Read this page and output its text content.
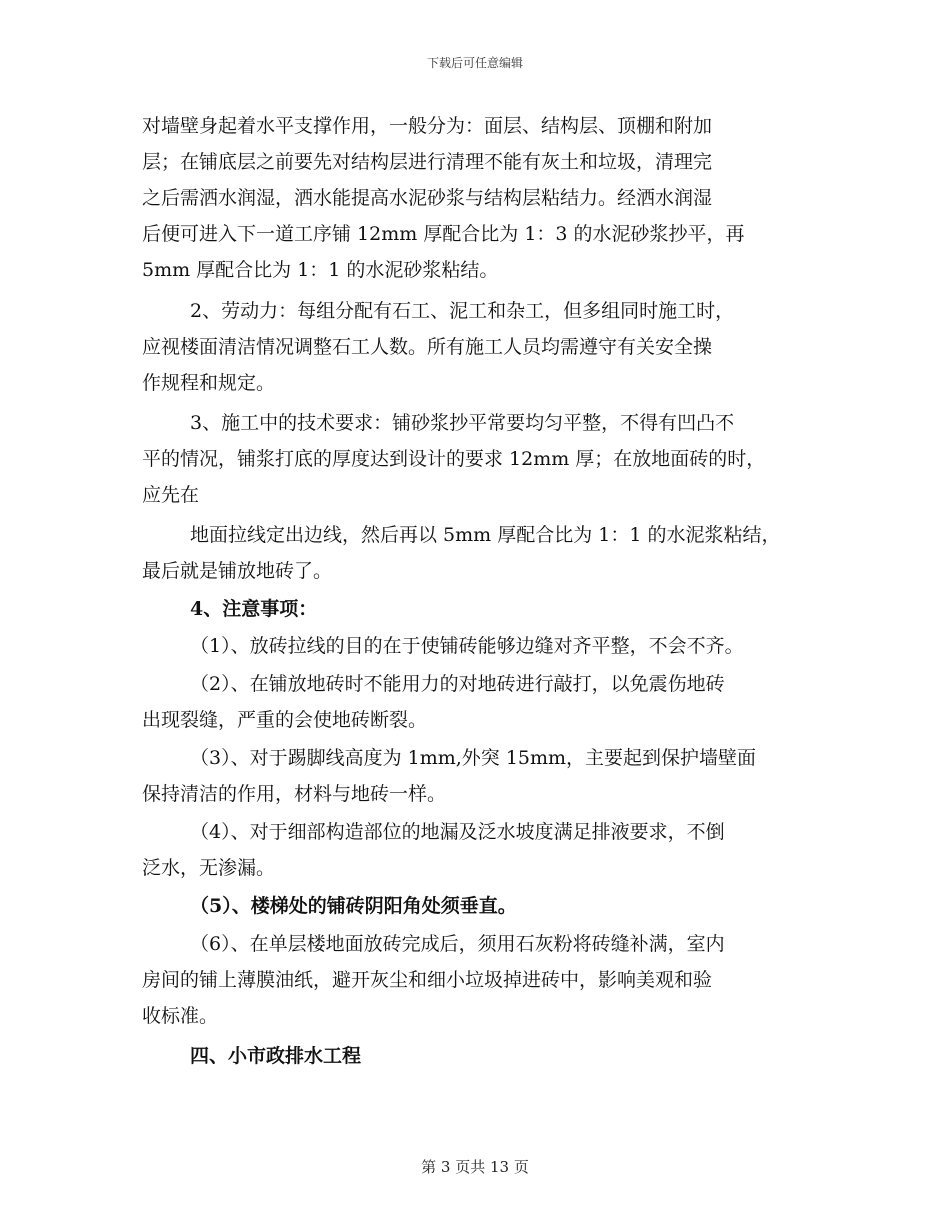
下载后可任意编辑
对墙壁身起着水平支撑作用，一般分为：面层、结构层、顶棚和附加
层；在铺底层之前要先对结构层进行清理不能有灰土和垃圾，清理完
之后需洒水润湿，洒水能提高水泥砂浆与结构层粘结力。经洒水润湿
后便可进入下一道工序铺 12mm 厚配合比为 1：3 的水泥砂浆抄平，再
5mm 厚配合比为 1：1 的水泥砂浆粘结。
2、劳动力：每组分配有石工、泥工和杂工，但多组同时施工时，
应视楼面清洁情况调整石工人数。所有施工人员均需遵守有关安全操
作规程和规定。
3、施工中的技术要求：铺砂浆抄平常要均匀平整，不得有凹凸不
平的情况，铺浆打底的厚度达到设计的要求 12mm 厚；在放地面砖的时，
应先在
地面拉线定出边线，然后再以 5mm 厚配合比为 1：1 的水泥浆粘结，
最后就是铺放地砖了。
4、注意事项：
（1）、放砖拉线的目的在于使铺砖能够边缝对齐平整，不会不齐。
（2）、在铺放地砖时不能用力的对地砖进行敲打，以免震伤地砖
出现裂缝，严重的会使地砖断裂。
（3）、对于踢脚线高度为 1mm,外突 15mm，主要起到保护墙壁面
保持清洁的作用，材料与地砖一样。
（4）、对于细部构造部位的地漏及泛水坡度满足排液要求，不倒
泛水，无渗漏。
（5）、楼梯处的铺砖阴阳角处须垂直。
（6）、在单层楼地面放砖完成后，须用石灰粉将砖缝补满，室内
房间的铺上薄膜油纸，避开灰尘和细小垃圾掉进砖中，影响美观和验
收标准。
四、小市政排水工程
第 3 页共 13 页
